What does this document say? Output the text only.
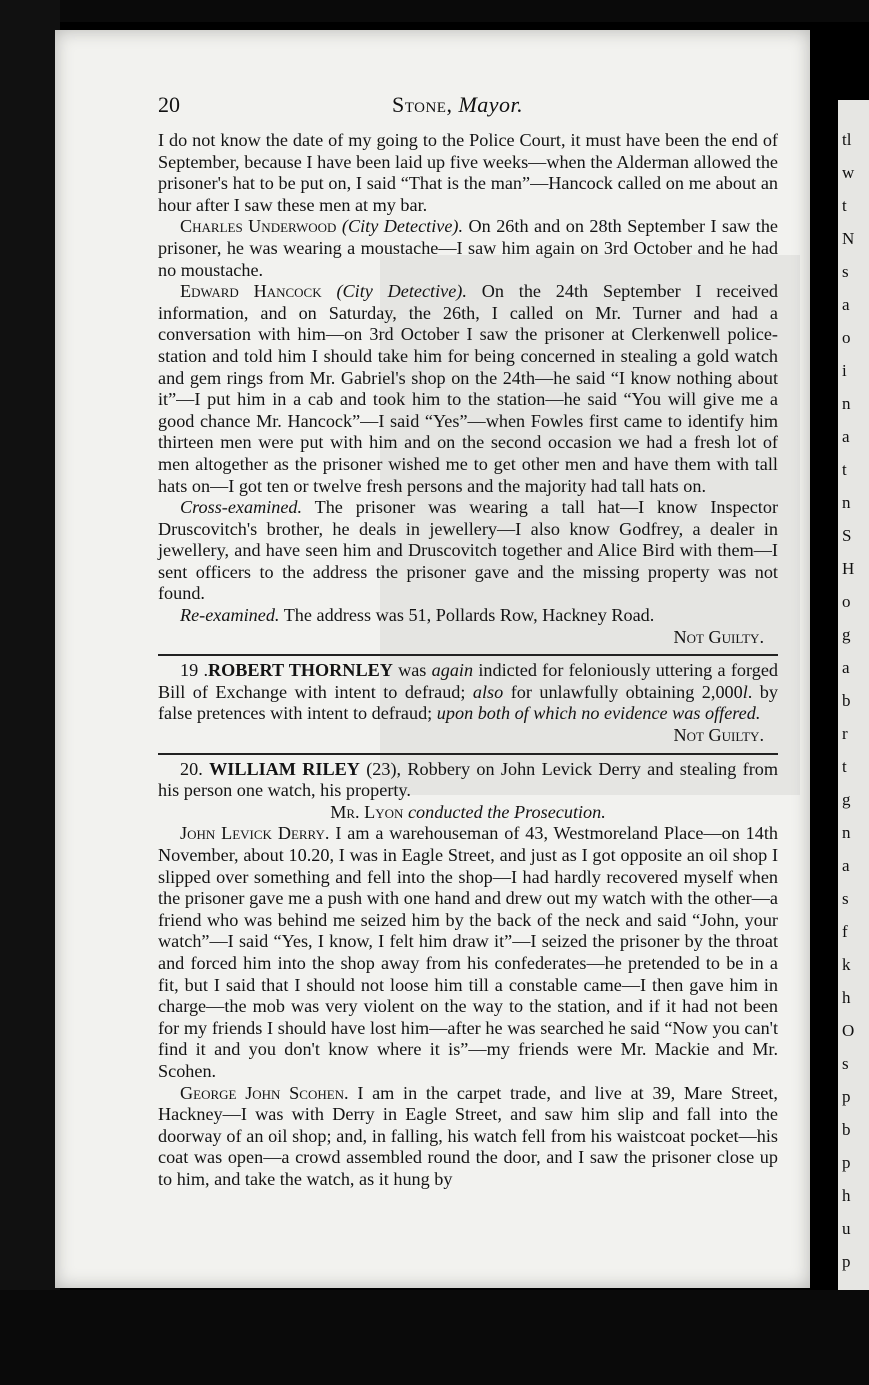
tl
w
t
N
s
a
o
i
n
a
t
n
S
H
o
g
a
b
r
t
g
n
a
s
f
k
h
O
s
p
b
p
h
u
p
20	Stone, Mayor.

I do not know the date of my going to the Police Court, it must have been the end of September, because I have been laid up five weeks—when the Alderman allowed the prisoner's hat to be put on, I said “That is the man”—Hancock called on me about an hour after I saw these men at my bar.

Charles Underwood (City Detective). On 26th and on 28th September I saw the prisoner, he was wearing a moustache—I saw him again on 3rd October and he had no moustache.

Edward Hancock (City Detective). On the 24th September I received information, and on Saturday, the 26th, I called on Mr. Turner and had a conversation with him—on 3rd October I saw the prisoner at Clerkenwell police-station and told him I should take him for being concerned in stealing a gold watch and gem rings from Mr. Gabriel's shop on the 24th—he said “I know nothing about it”—I put him in a cab and took him to the station—he said “You will give me a good chance Mr. Hancock”—I said “Yes”—when Fowles first came to identify him thirteen men were put with him and on the second occasion we had a fresh lot of men altogether as the prisoner wished me to get other men and have them with tall hats on—I got ten or twelve fresh persons and the majority had tall hats on.

Cross-examined. The prisoner was wearing a tall hat—I know Inspector Druscovitch's brother, he deals in jewellery—I also know Godfrey, a dealer in jewellery, and have seen him and Druscovitch together and Alice Bird with them—I sent officers to the address the prisoner gave and the missing property was not found.

Re-examined. The address was 51, Pollards Row, Hackney Road.

Not Guilty.

19 .ROBERT THORNLEY was again indicted for feloniously uttering a forged Bill of Exchange with intent to defraud; also for unlawfully obtaining 2,000l. by false pretences with intent to defraud; upon both of which no evidence was offered.

Not Guilty.

20. WILLIAM RILEY (23), Robbery on John Levick Derry and stealing from his person one watch, his property.

Mr. Lyon conducted the Prosecution.

John Levick Derry. I am a warehouseman of 43, Westmoreland Place—on 14th November, about 10.20, I was in Eagle Street, and just as I got opposite an oil shop I slipped over something and fell into the shop—I had hardly recovered myself when the prisoner gave me a push with one hand and drew out my watch with the other—a friend who was behind me seized him by the back of the neck and said “John, your watch”—I said “Yes, I know, I felt him draw it”—I seized the prisoner by the throat and forced him into the shop away from his confederates—he pretended to be in a fit, but I said that I should not loose him till a constable came—I then gave him in charge—the mob was very violent on the way to the station, and if it had not been for my friends I should have lost him—after he was searched he said “Now you can't find it and you don't know where it is”—my friends were Mr. Mackie and Mr. Scohen.

George John Scohen. I am in the carpet trade, and live at 39, Mare Street, Hackney—I was with Derry in Eagle Street, and saw him slip and fall into the doorway of an oil shop; and, in falling, his watch fell from his waistcoat pocket—his coat was open—a crowd assembled round the door, and I saw the prisoner close up to him, and take the watch, as it hung by
